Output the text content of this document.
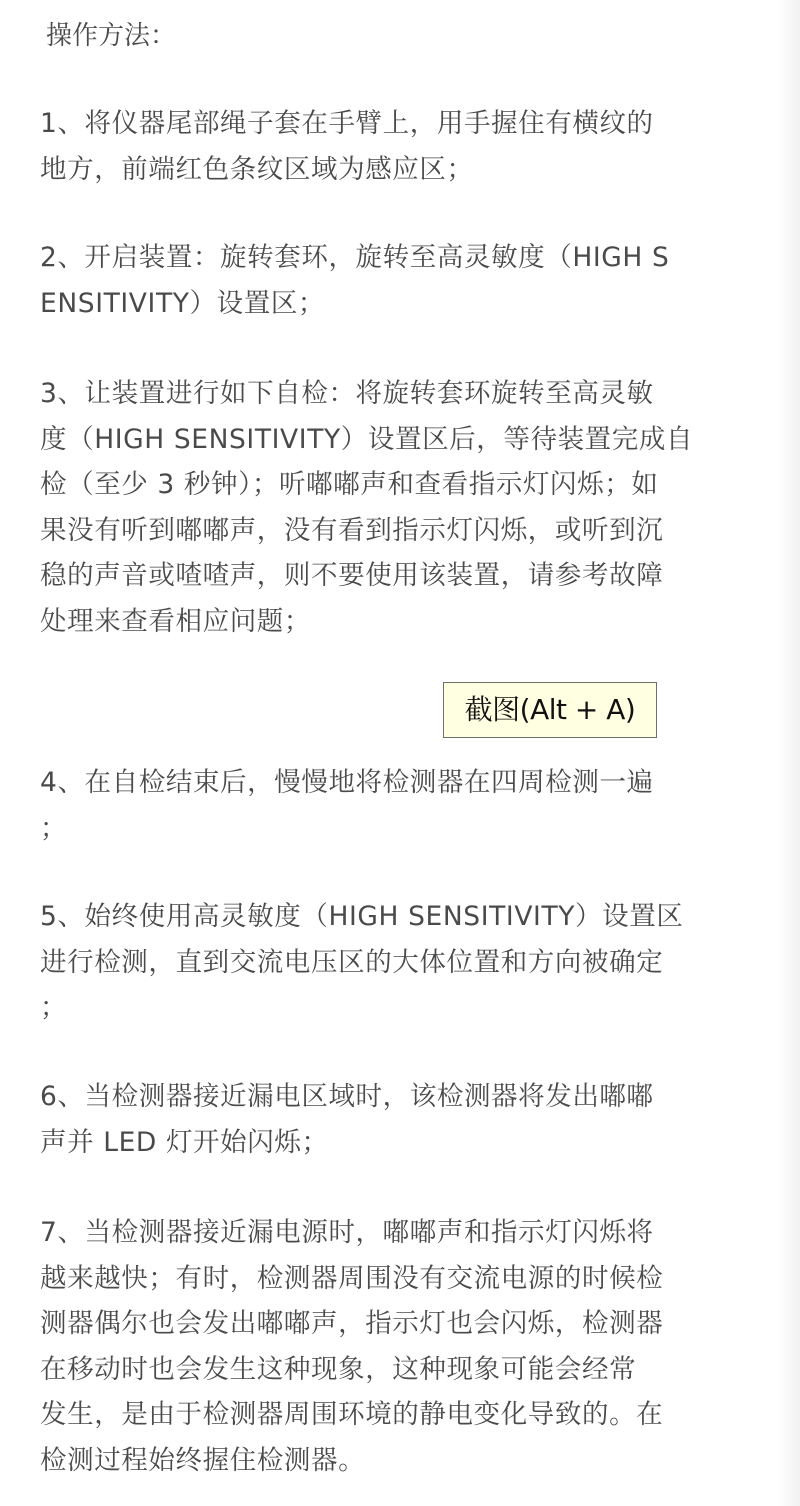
操作方法：
1、将仪器尾部绳子套在手臂上，用手握住有横纹的
地方，前端红色条纹区域为感应区；
2、开启装置：旋转套环，旋转至高灵敏度（HIGH S
ENSITIVITY）设置区；
3、让装置进行如下自检：将旋转套环旋转至高灵敏
度（HIGH SENSITIVITY）设置区后，等待装置完成自
检（至少 3 秒钟）；听嘟嘟声和查看指示灯闪烁；如
果没有听到嘟嘟声，没有看到指示灯闪烁，或听到沉
稳的声音或喳喳声，则不要使用该装置，请参考故障
处理来查看相应问题；
4、在自检结束后，慢慢地将检测器在四周检测一遍
；
5、始终使用高灵敏度（HIGH SENSITIVITY）设置区
进行检测，直到交流电压区的大体位置和方向被确定
；
6、当检测器接近漏电区域时，该检测器将发出嘟嘟
声并 LED 灯开始闪烁；
7、当检测器接近漏电源时，嘟嘟声和指示灯闪烁将
越来越快；有时，检测器周围没有交流电源的时候检
测器偶尔也会发出嘟嘟声，指示灯也会闪烁，检测器
在移动时也会发生这种现象，这种现象可能会经常
发生，是由于检测器周围环境的静电变化导致的。在
检测过程始终握住检测器。
截图(Alt + A)
